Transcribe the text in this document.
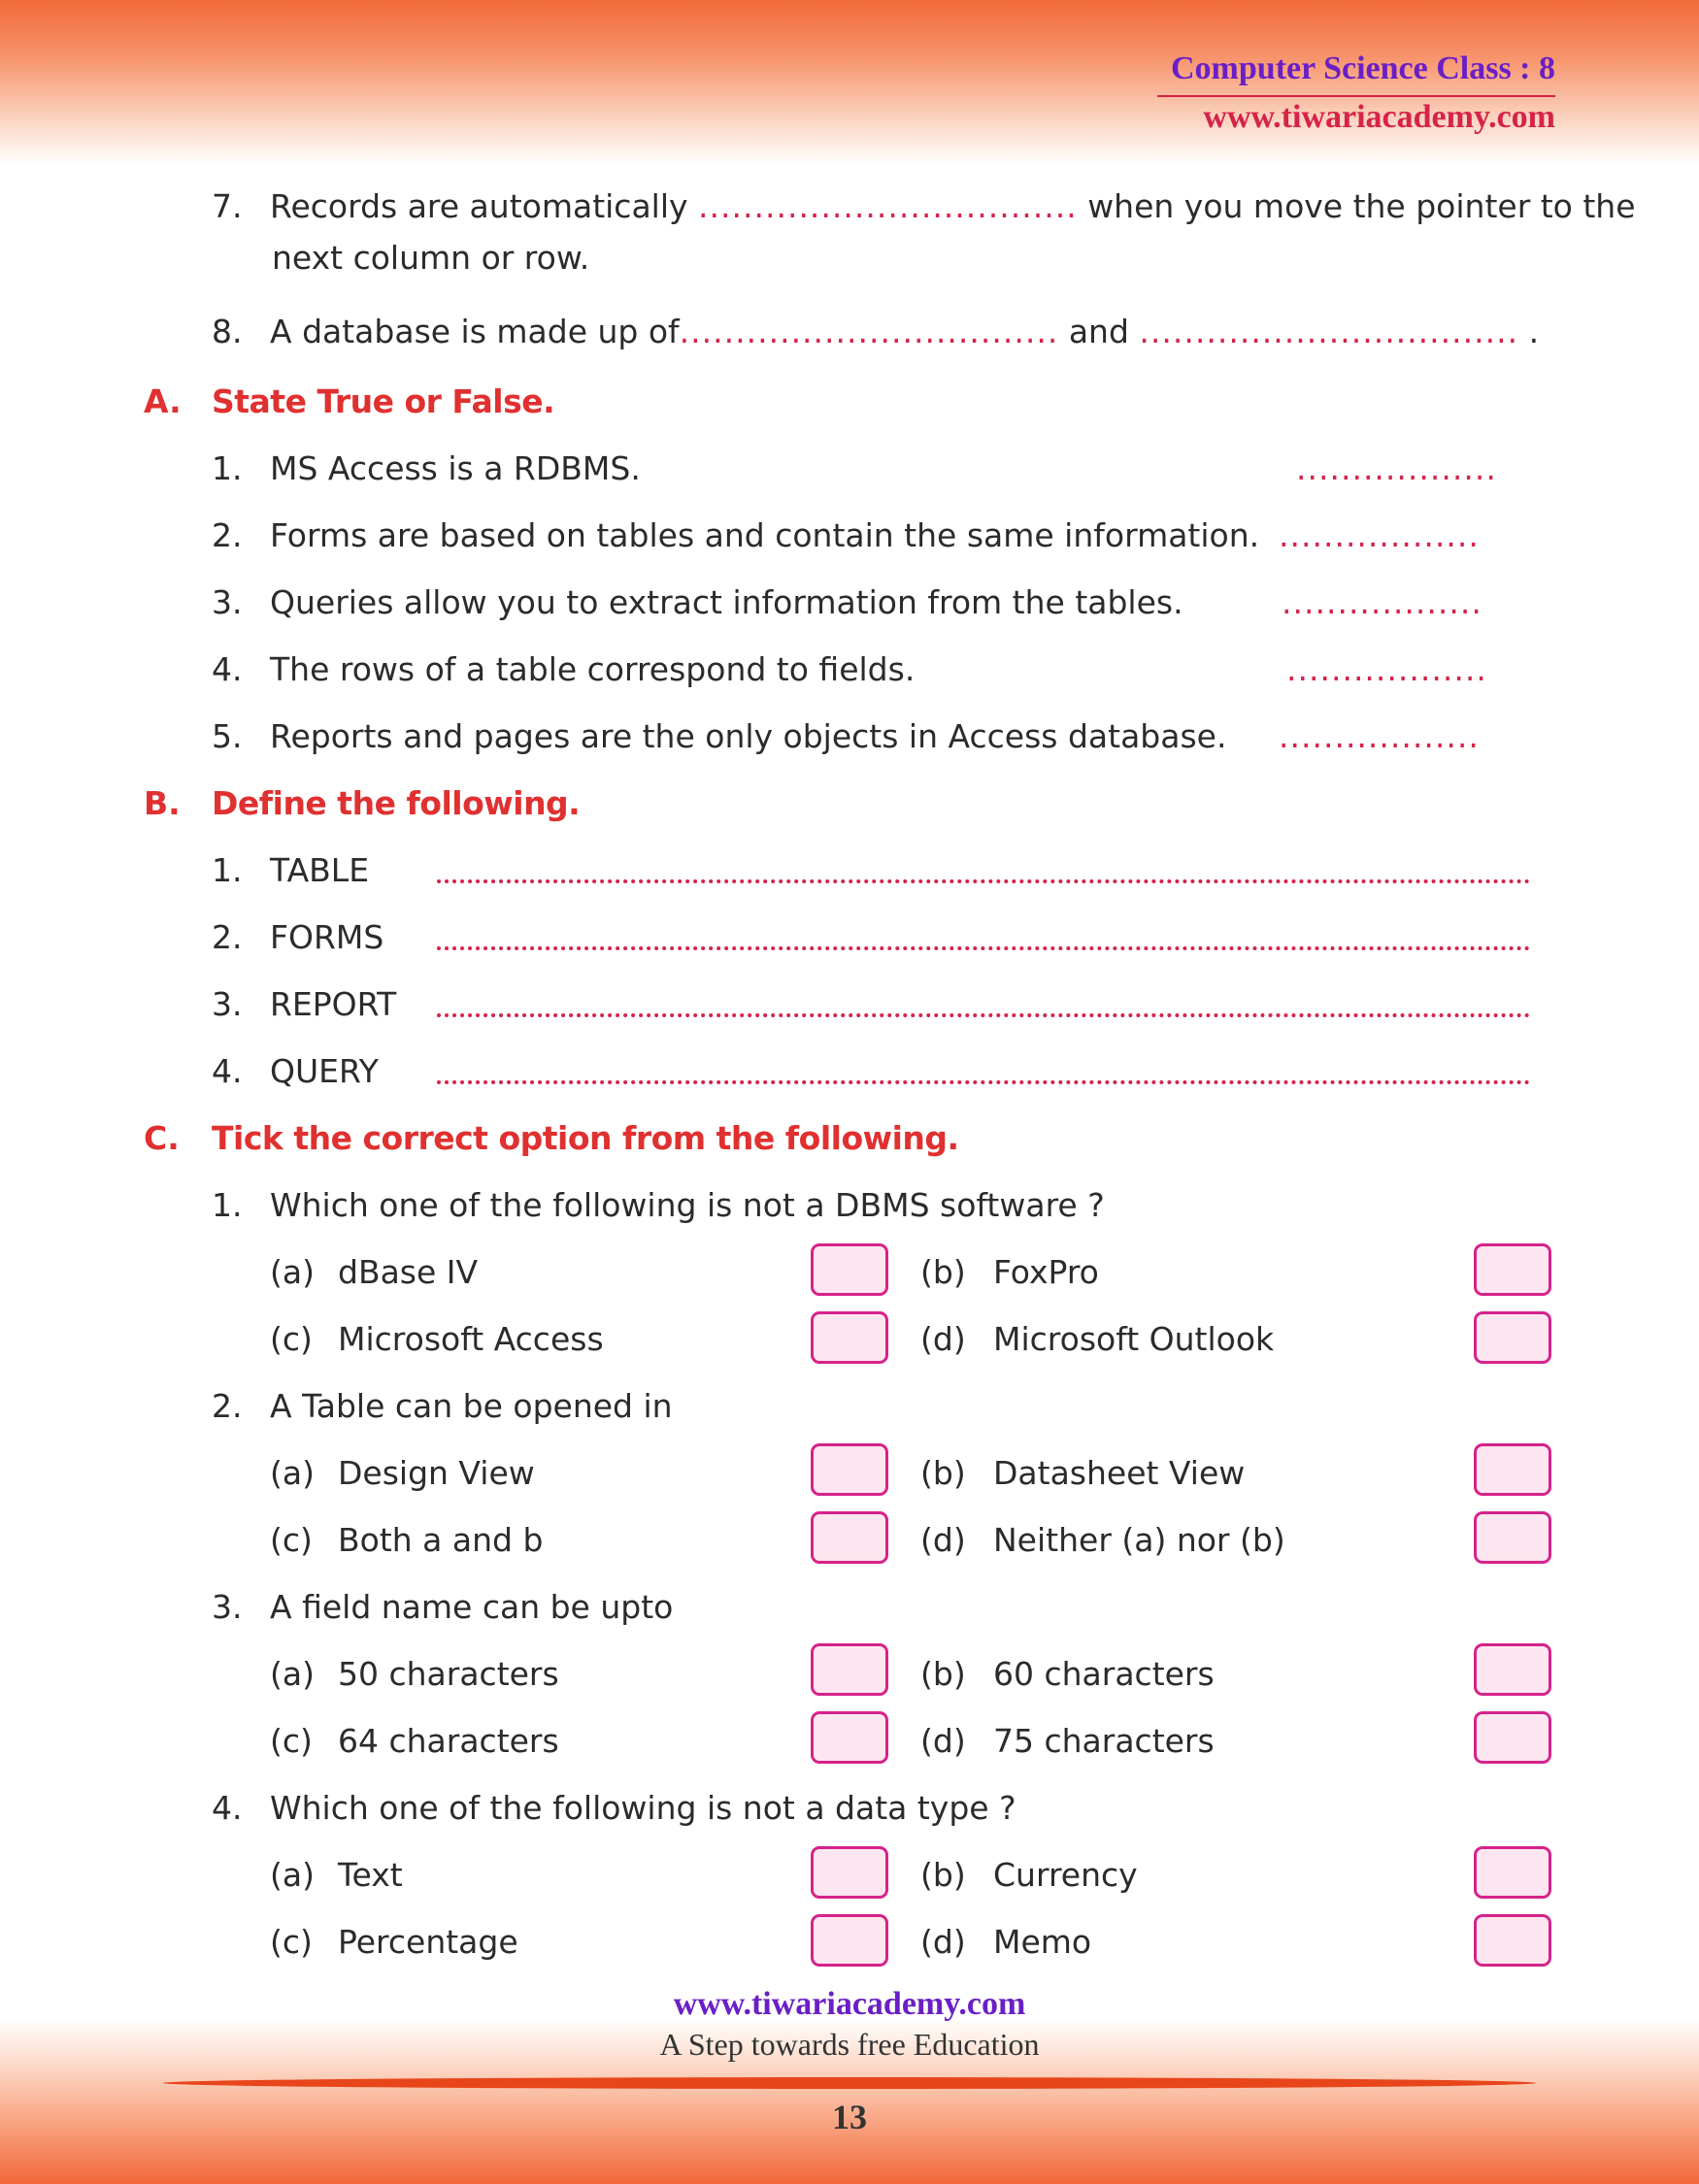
Computer Science Class : 8
www.tiwariacademy.com
7. Records are automatically .................................. when you move the pointer to the
next column or row.
8. A database is made up of.................................. and .................................. .
A. State True or False.
1. MS Access is a RDBMS.	..................
2. Forms are based on tables and contain the same information. ..................
3. Queries allow you to extract information from the tables.	..................
4. The rows of a table correspond to fields.	..................
5. Reports and pages are the only objects in Access database. ..................
B. Define the following.
1. TABLE
2. FORMS
3. REPORT
4. QUERY
C. Tick the correct option from the following.
1. Which one of the following is not a DBMS software ?
(a) dBase IV	(b) FoxPro
(c) Microsoft Access	(d) Microsoft Outlook
2. A Table can be opened in
(a) Design View	(b) Datasheet View
(c) Both a and b	(d) Neither (a) nor (b)
3. A field name can be upto
(a) 50 characters	(b) 60 characters
(c) 64 characters	(d) 75 characters
4. Which one of the following is not a data type ?
(a) Text	(b) Currency
(c) Percentage	(d) Memo
www.tiwariacademy.com
A Step towards free Education
13
